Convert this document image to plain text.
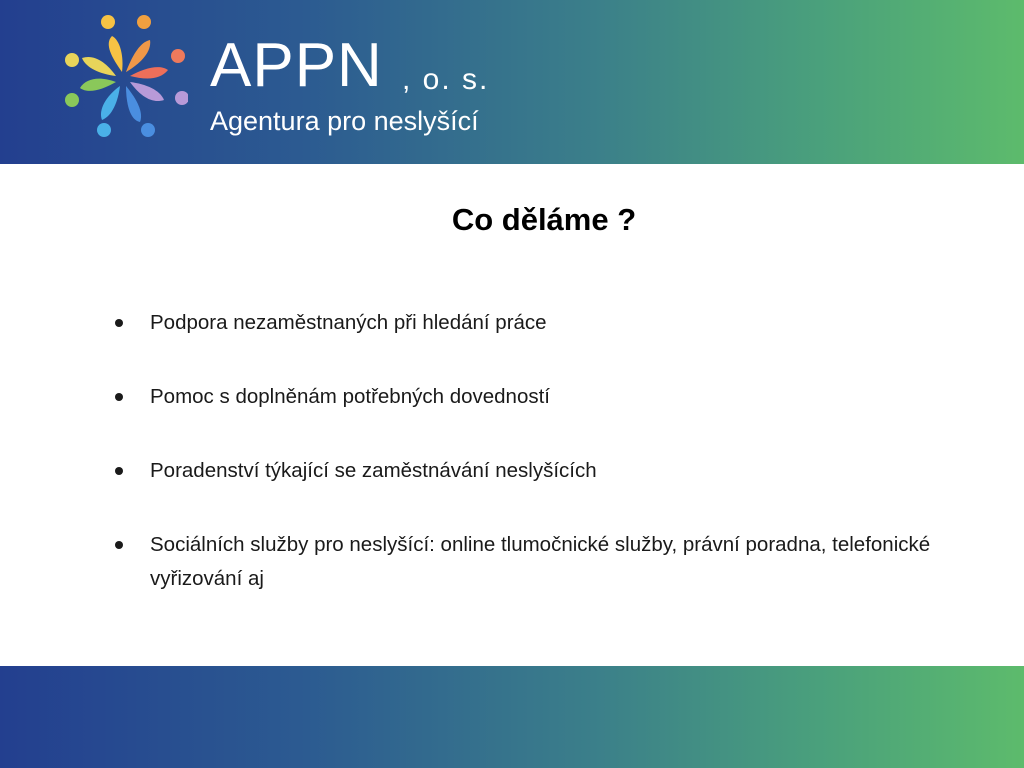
APPN , o. s.
Agentura pro neslyšící
Co děláme ?
Podpora nezaměstnaných při hledání práce
Pomoc s doplněnám potřebných dovedností
Poradenství týkající se zaměstnávání neslyšících
Sociálních služby pro neslyšící: online tlumočnické služby, právní poradna, telefonické vyřizování aj
